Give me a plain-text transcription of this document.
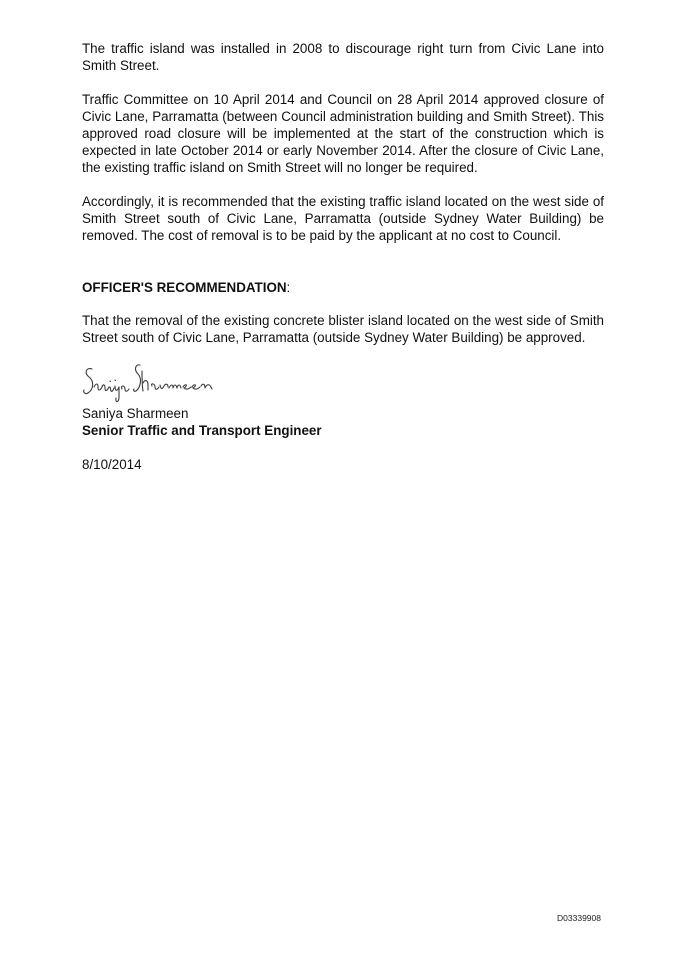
The traffic island was installed in 2008 to discourage right turn from Civic Lane into Smith Street.

Traffic Committee on 10 April 2014 and Council on 28 April 2014 approved closure of Civic Lane, Parramatta (between Council administration building and Smith Street). This approved road closure will be implemented at the start of the construction which is expected in late October 2014 or early November 2014. After the closure of Civic Lane, the existing traffic island on Smith Street will no longer be required.

Accordingly, it is recommended that the existing traffic island located on the west side of Smith Street south of Civic Lane, Parramatta (outside Sydney Water Building) be removed. The cost of removal is to be paid by the applicant at no cost to Council.

OFFICER'S RECOMMENDATION:

That the removal of the existing concrete blister island located on the west side of Smith Street south of Civic Lane, Parramatta (outside Sydney Water Building) be approved.

Saniya Sharmeen

Senior Traffic and Transport Engineer

8/10/2014

D03339908
